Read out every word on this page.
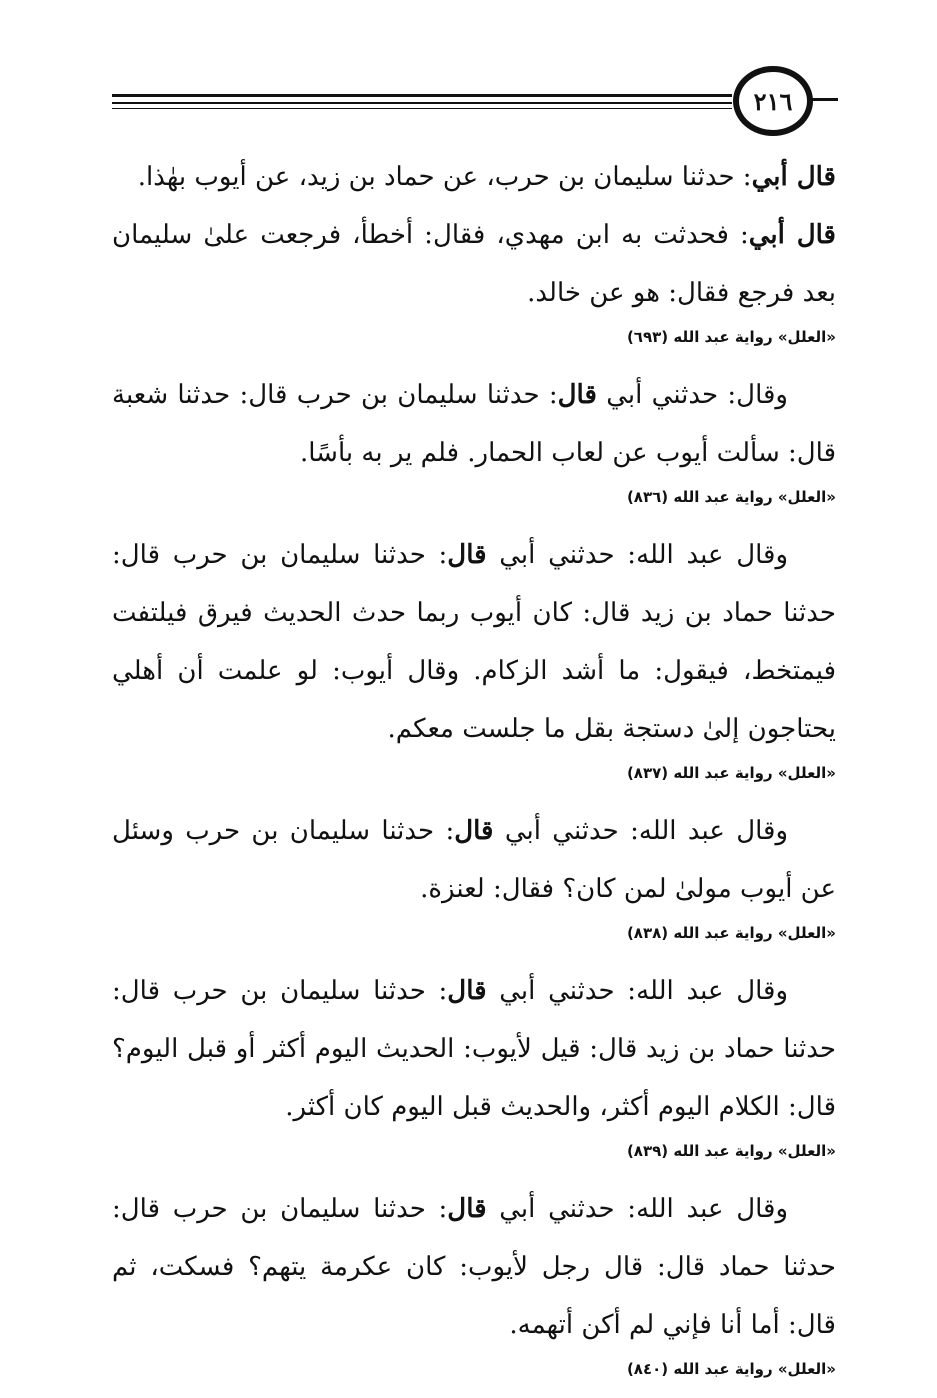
٢١٦

قال أبي: حدثنا سليمان بن حرب، عن حماد بن زيد، عن أيوب بهٰذا.

قال أبي: فحدثت به ابن مهدي، فقال: أخطأ، فرجعت علىٰ سليمان بعد فرجع فقال: هو عن خالد.

«العلل» رواية عبد الله (٦٩٣)

وقال: حدثني أبي قال: حدثنا سليمان بن حرب قال: حدثنا شعبة قال: سألت أيوب عن لعاب الحمار. فلم ير به بأسًا.

«العلل» رواية عبد الله (٨٣٦)

وقال عبد الله: حدثني أبي قال: حدثنا سليمان بن حرب قال: حدثنا حماد بن زيد قال: كان أيوب ربما حدث الحديث فيرق فيلتفت فيمتخط، فيقول: ما أشد الزكام. وقال أيوب: لو علمت أن أهلي يحتاجون إلىٰ دستجة بقل ما جلست معكم.

«العلل» رواية عبد الله (٨٣٧)

وقال عبد الله: حدثني أبي قال: حدثنا سليمان بن حرب وسئل عن أيوب مولىٰ لمن كان؟ فقال: لعنزة.

«العلل» رواية عبد الله (٨٣٨)

وقال عبد الله: حدثني أبي قال: حدثنا سليمان بن حرب قال: حدثنا حماد بن زيد قال: قيل لأيوب: الحديث اليوم أكثر أو قبل اليوم؟ قال: الكلام اليوم أكثر، والحديث قبل اليوم كان أكثر.

«العلل» رواية عبد الله (٨٣٩)

وقال عبد الله: حدثني أبي قال: حدثنا سليمان بن حرب قال: حدثنا حماد قال: قال رجل لأيوب: كان عكرمة يتهم؟ فسكت، ثم قال: أما أنا فإني لم أكن أتهمه.

«العلل» رواية عبد الله (٨٤٠)
